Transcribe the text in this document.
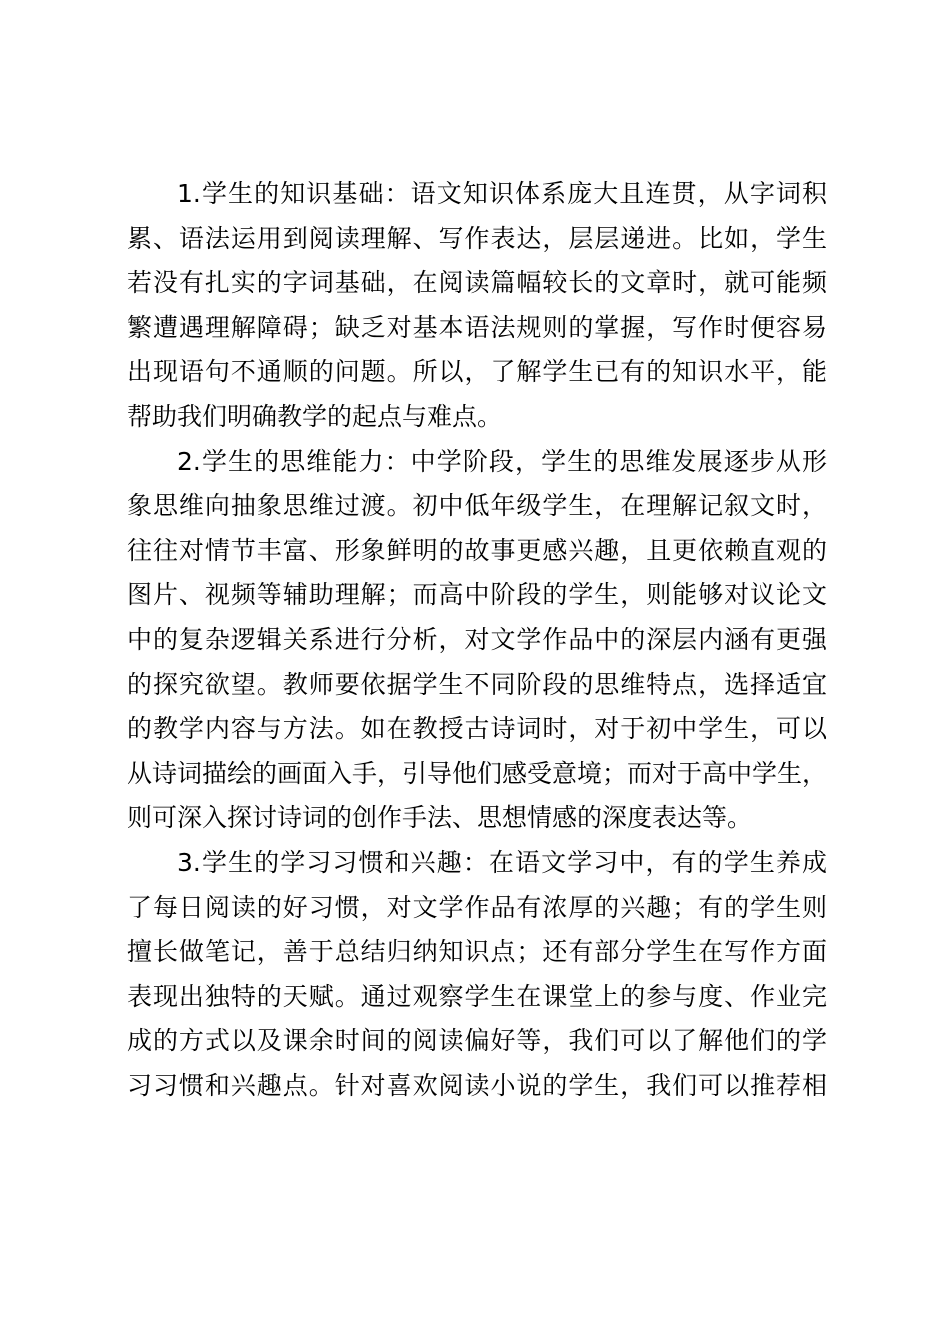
1.学生的知识基础：语文知识体系庞大且连贯，从字词积
累、语法运用到阅读理解、写作表达，层层递进。比如，学生
若没有扎实的字词基础，在阅读篇幅较长的文章时，就可能频
繁遭遇理解障碍；缺乏对基本语法规则的掌握，写作时便容易
出现语句不通顺的问题。所以，了解学生已有的知识水平，能
帮助我们明确教学的起点与难点。
2.学生的思维能力：中学阶段，学生的思维发展逐步从形
象思维向抽象思维过渡。初中低年级学生，在理解记叙文时，
往往对情节丰富、形象鲜明的故事更感兴趣，且更依赖直观的
图片、视频等辅助理解；而高中阶段的学生，则能够对议论文
中的复杂逻辑关系进行分析，对文学作品中的深层内涵有更强
的探究欲望。教师要依据学生不同阶段的思维特点，选择适宜
的教学内容与方法。如在教授古诗词时，对于初中学生，可以
从诗词描绘的画面入手，引导他们感受意境；而对于高中学生，
则可深入探讨诗词的创作手法、思想情感的深度表达等。
3.学生的学习习惯和兴趣：在语文学习中，有的学生养成
了每日阅读的好习惯，对文学作品有浓厚的兴趣；有的学生则
擅长做笔记，善于总结归纳知识点；还有部分学生在写作方面
表现出独特的天赋。通过观察学生在课堂上的参与度、作业完
成的方式以及课余时间的阅读偏好等，我们可以了解他们的学
习习惯和兴趣点。针对喜欢阅读小说的学生，我们可以推荐相
